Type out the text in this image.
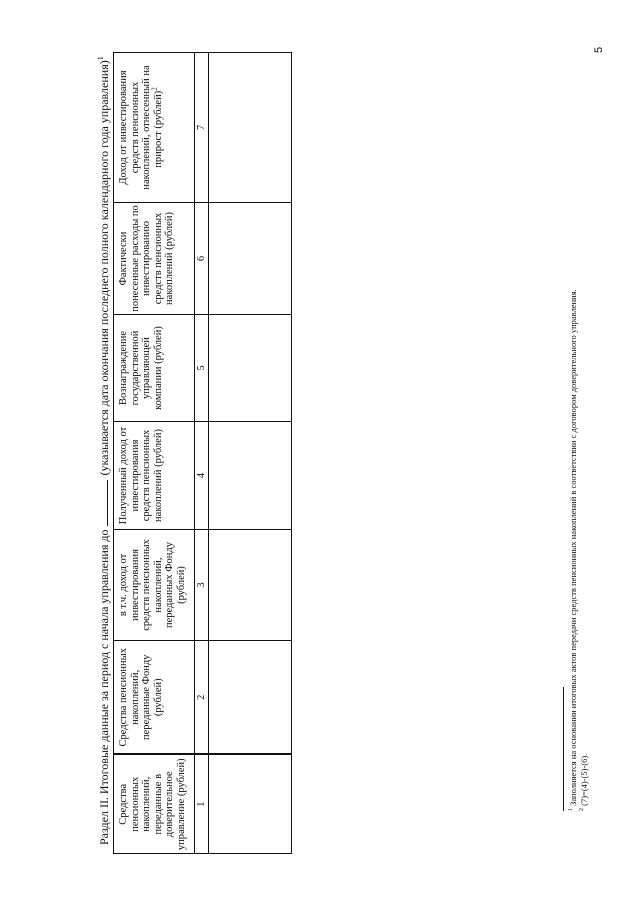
Раздел II. Итоговые данные за период с начала управления до(указывается дата окончания последнего полного календарного года управления)$^1$
Средства пенсионных накоплений, переданные в доверительное управление (рублей)	Средства пенсионных накоплений, переданные Фонду (рублей)	в т.ч. доход от инвестирования средств пенсионных накоплений, переданных Фонду (рублей)	Полученный доход от инвестирования средств пенсионных накоплений (рублей)	Вознаграждение государственной управляющей компании (рублей)	Фактически понесенные расходы по инвестированию средств пенсионных накоплений (рублей)	Доход от инвестирования средств пенсионных накоплений, отнесенный на прирост (рублей)$^2$
1	2	3	4	5	6	7

$^1$ Заполняется на основании итоговых актов передачи средств пенсионных накоплений в соответствии с договором доверительного управления.
$^2$ (7)=(4)-(5)-(6).
5
